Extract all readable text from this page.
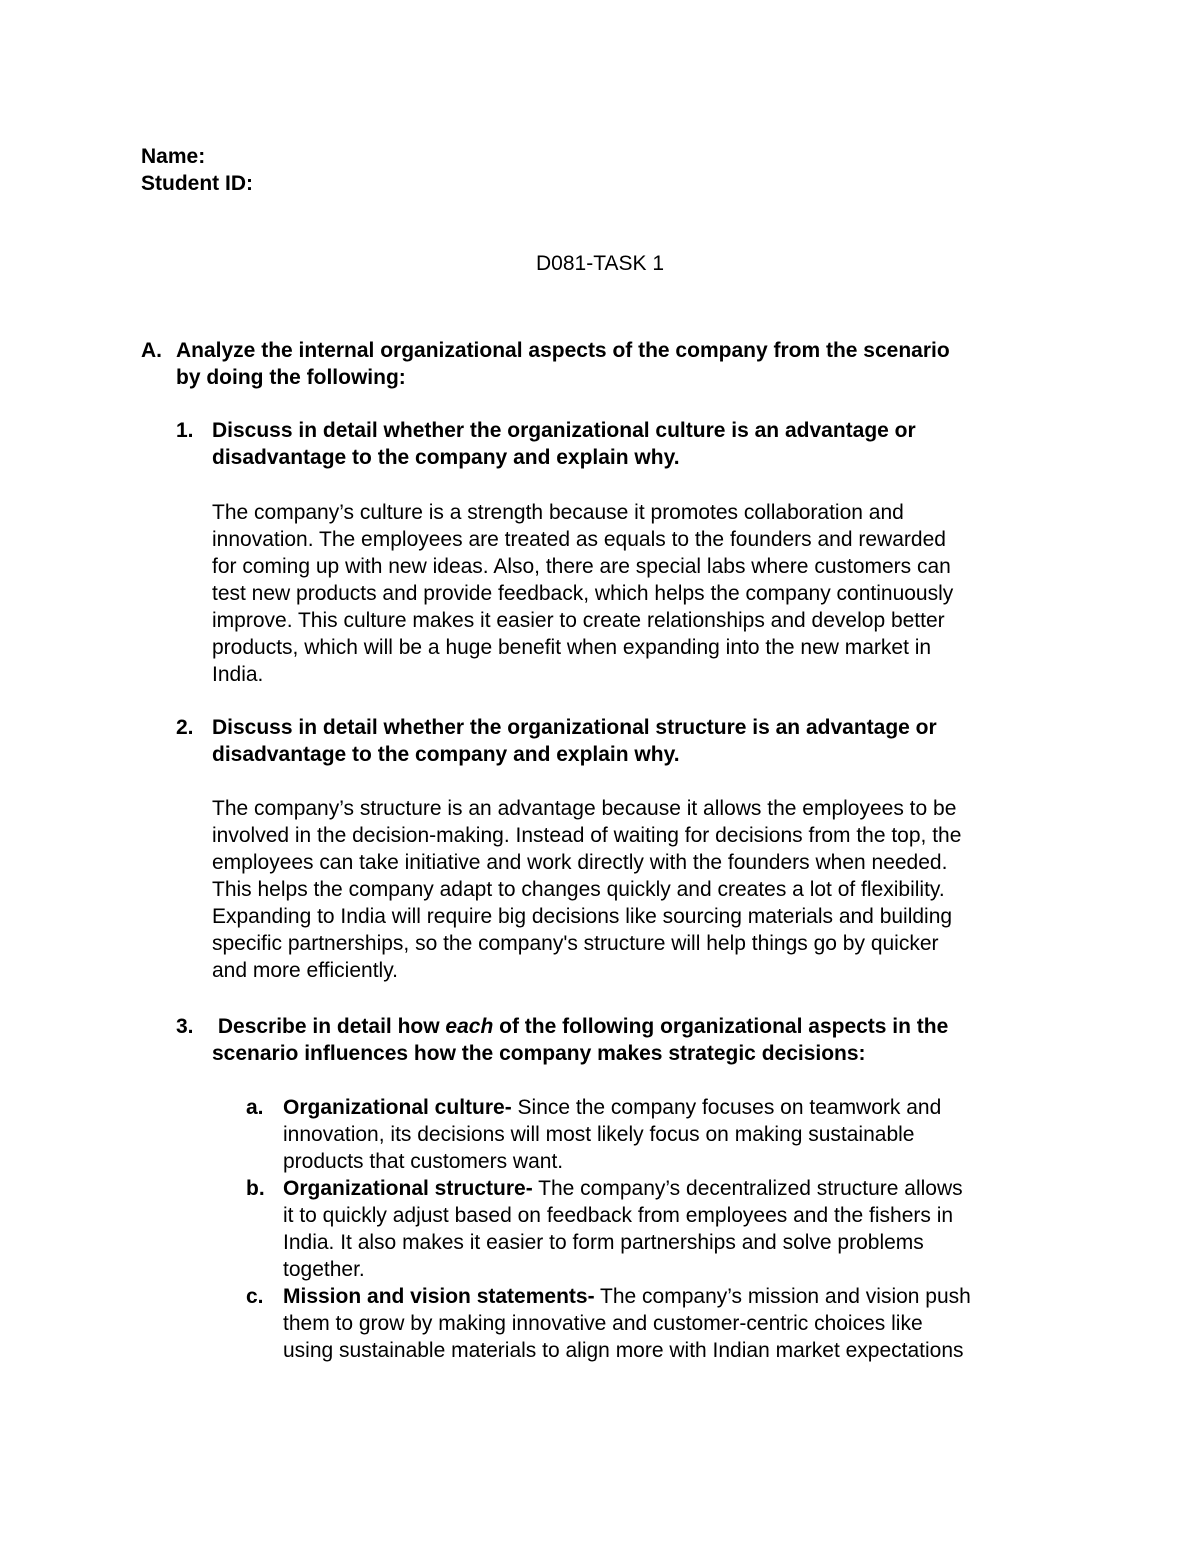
Name:
Student ID:
D081-TASK 1
A. Analyze the internal organizational aspects of the company from the scenario
by doing the following:
1. Discuss in detail whether the organizational culture is an advantage or
disadvantage to the company and explain why.
The company’s culture is a strength because it promotes collaboration and
innovation. The employees are treated as equals to the founders and rewarded
for coming up with new ideas. Also, there are special labs where customers can
test new products and provide feedback, which helps the company continuously
improve. This culture makes it easier to create relationships and develop better
products, which will be a huge benefit when expanding into the new market in
India.
2. Discuss in detail whether the organizational structure is an advantage or
disadvantage to the company and explain why.
The company’s structure is an advantage because it allows the employees to be
involved in the decision-making. Instead of waiting for decisions from the top, the
employees can take initiative and work directly with the founders when needed.
This helps the company adapt to changes quickly and creates a lot of flexibility.
Expanding to India will require big decisions like sourcing materials and building
specific partnerships, so the company's structure will help things go by quicker
and more efficiently.
3. Describe in detail how each of the following organizational aspects in the
scenario influences how the company makes strategic decisions:
a. Organizational culture- Since the company focuses on teamwork and
innovation, its decisions will most likely focus on making sustainable
products that customers want.
b. Organizational structure- The company’s decentralized structure allows
it to quickly adjust based on feedback from employees and the fishers in
India. It also makes it easier to form partnerships and solve problems
together.
c. Mission and vision statements- The company’s mission and vision push
them to grow by making innovative and customer-centric choices like
using sustainable materials to align more with Indian market expectations
